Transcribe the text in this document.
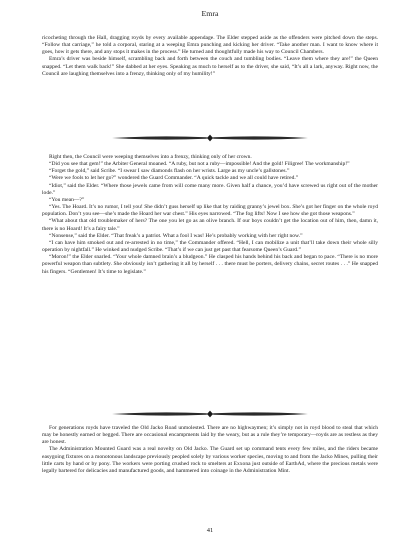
Emra

ricocheting through the Hall, dragging royds by every available appendage. The Elder stepped aside as the offenders were pitched down the steps. “Follow that carriage,” he told a corporal, staring at a weeping Emra punching and kicking her driver. “Take another man. I want to know where it goes, how it gets there, and any stops it makes in the process.” He turned and thoughtfully made his way to Council Chambers.

Emra’s driver was beside himself, scrambling back and forth between the couch and tumbling bodies. “Leave them where they are!” the Queen snapped. “Let them walk back!” She dabbed at her eyes. Speaking as much to herself as to the driver, she said, “It’s all a lark, anyway. Right now, the Council are laughing themselves into a frenzy, thinking only of my humility!”

Right then, the Council were weeping themselves into a frenzy, thinking only of her crown.

“Did you see that gem!” the Arbiter General moaned. “A ruby, but not a ruby—impossible! And the gold! Filigree! The workmanship!”

“Forget the gold,” said Scribe. “I swear I saw diamonds flash on her wrists. Large as my uncle’s gallstones.”

“Were we fools to let her go?” wondered the Guard Commander. “A quick tackle and we all could have retired.”

“Idiot,” said the Elder. “Where those jewels came from will come many more. Given half a chance, you’d have screwed us right out of the mother lode.”

“You mean—?”

“Yes. The Hoard. It’s no rumor, I tell you! She didn’t guss herself up like that by raiding granny’s jewel box. She’s got her finger on the whole royd population. Don’t you see—she’s made the Hoard her war chest.” His eyes narrowed. “The fog lifts! Now I see how she got those weapons.”

“What about that old troublemaker of hers? The one you let go as an olive branch. If our boys couldn’t get the location out of him, then, damn it, there is no Hoard! It’s a fairy tale.”

“Nonsense,” said the Elder. “That freak’s a patriot. What a fool I was! He’s probably working with her right now.”

“I can have him smoked out and re-arrested in no time,” the Commander offered. “Hell, I can mobilize a unit that’ll take down their whole silly operation by nightfall.” He winked and nudged Scribe. “That’s if we can just get past that fearsome Queen’s Guard.”

“Moron!” the Elder snarled. “Your whole damned brain’s a bludgeon.” He clasped his hands behind his back and began to pace. “There is no more powerful weapon than subtlety. She obviously isn’t gathering it all by herself . . . there must be porters, delivery chains, secret routes . . .” He snapped his fingers. “Gentlemen! It’s time to legislate.”

For generations royds have traveled the Old Jacko Road unmolested. There are no highwaymen; it’s simply not in royd blood to steal that which may be honestly earned or begged. There are occasional encampments laid by the weary, but as a rule they’re temporary—royds are as restless as they are honest.

The Administration Mounted Guard was a real novelty on Old Jacko. The Guard set up command tents every few miles, and the riders became easygoing fixtures on a monotonous landscape previously peopled solely by various worker species, moving to and from the Jacko Mines, pulling their little carts by hand or by pony. The workers were porting crushed rock to smelters at Exxona just outside of EarthAd, where the precious metals were legally bartered for delicacies and manufactured goods, and hammered into coinage in the Administration Mint.

41
